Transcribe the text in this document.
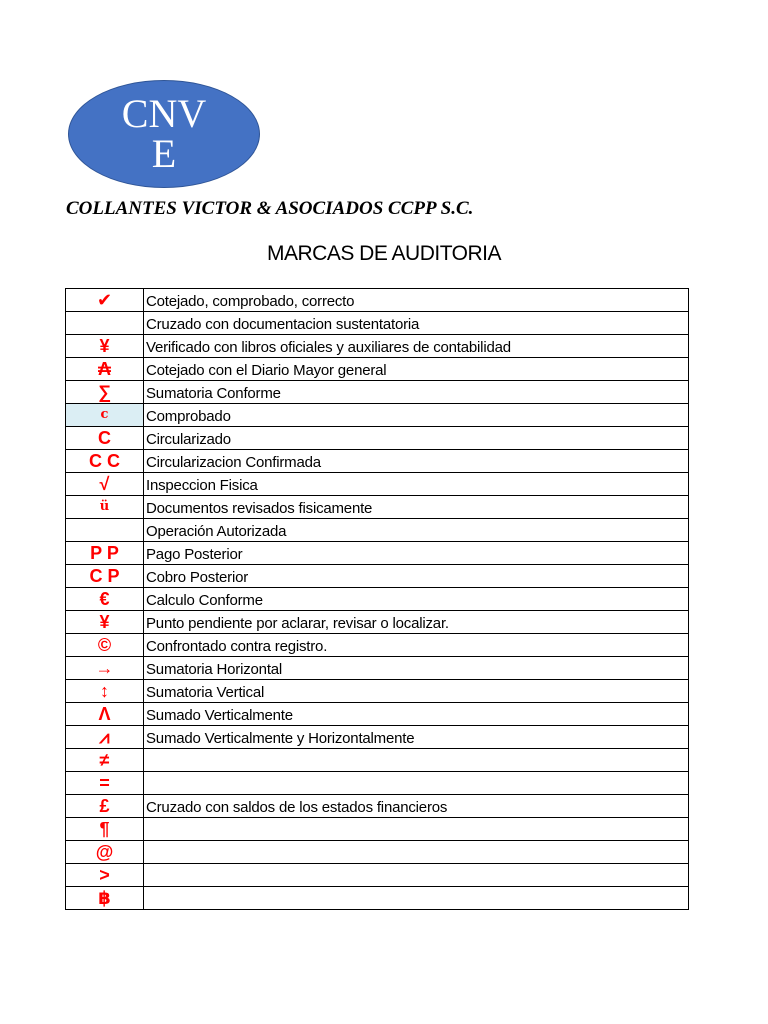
CNV
E
COLLANTES VICTOR & ASOCIADOS CCPP S.C.
MARCAS DE AUDITORIA
✔	Cotejado, comprobado, correcto
	Cruzado con documentacion sustentatoria
¥	Verificado con libros oficiales y auxiliares de contabilidad
₳	Cotejado con el Diario Mayor general
∑	Sumatoria Conforme
c	Comprobado
C	Circularizado
C C	Circularizacion Confirmada
√	Inspeccion Fisica
ü	Documentos revisados fisicamente
	Operación Autorizada
P P	Pago Posterior
C P	Cobro Posterior
€	Calculo Conforme
¥	Punto pendiente por aclarar, revisar o localizar.
©	Confrontado contra registro.
→	Sumatoria Horizontal
↕	Sumatoria Vertical
Λ	Sumado Verticalmente
⩘	Sumado Verticalmente y Horizontalmente
≠	
=	
£	Cruzado con saldos de los estados financieros
¶	
@	
>	
฿	
